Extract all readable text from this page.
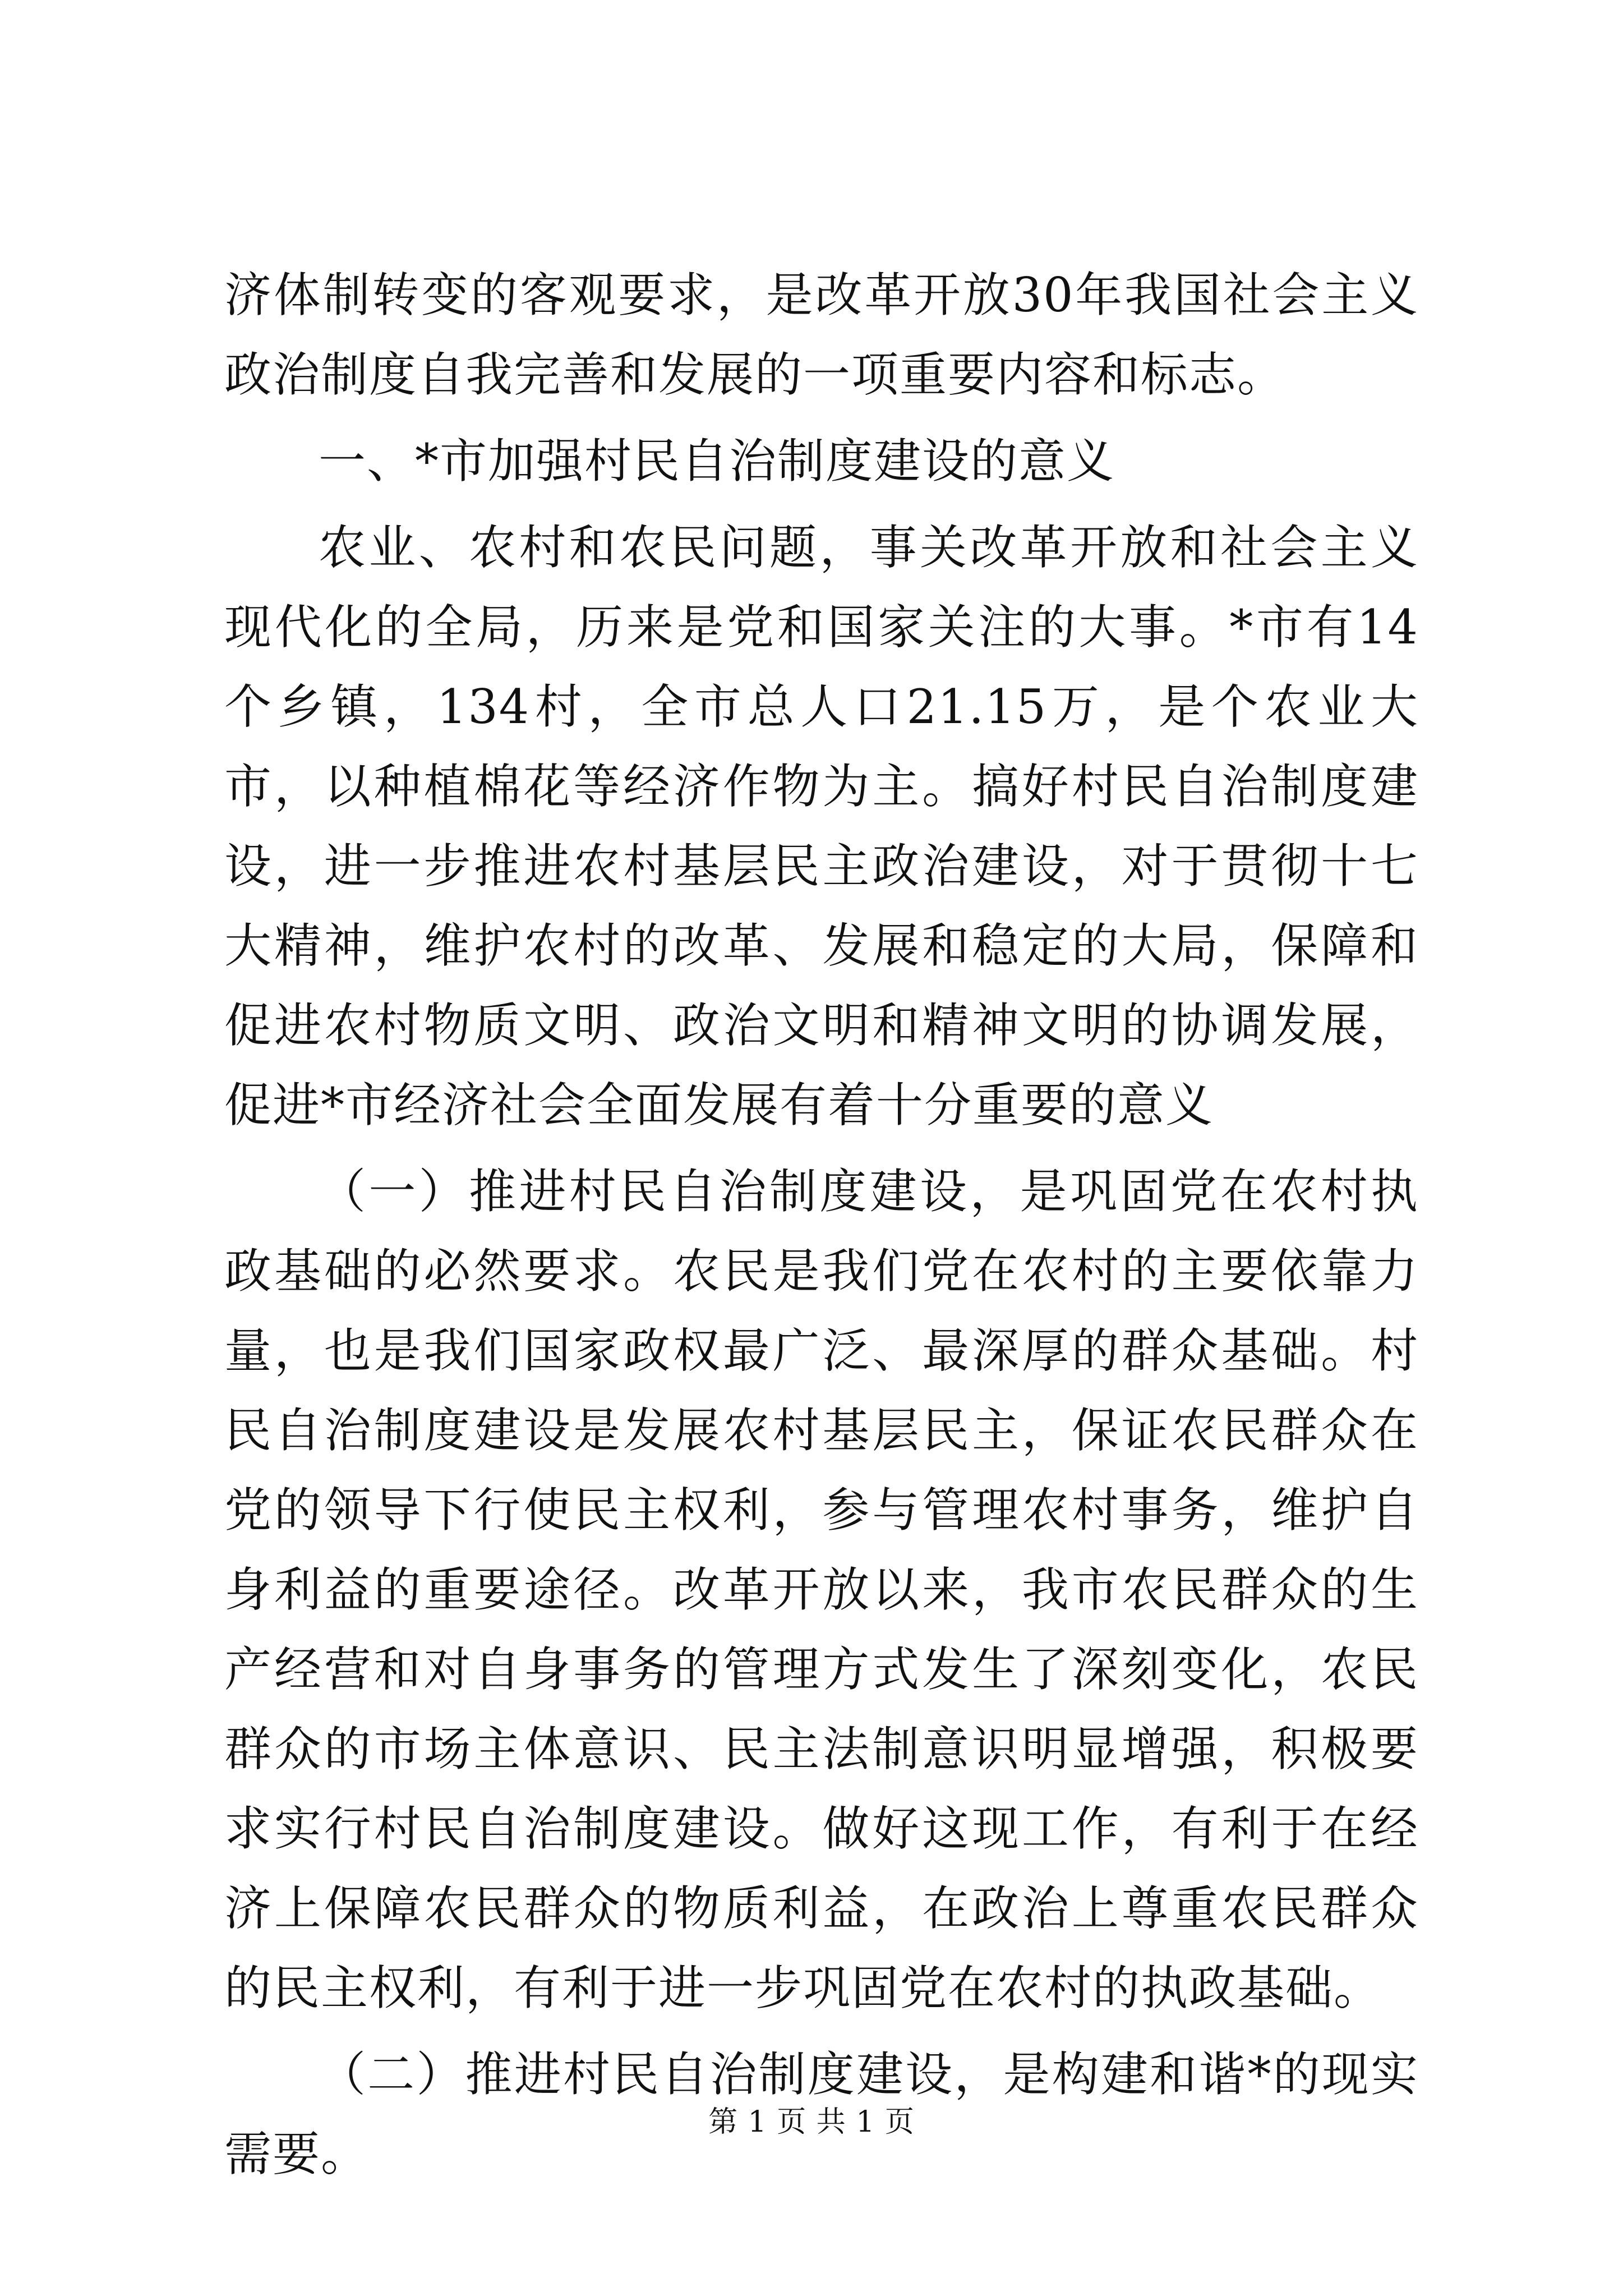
济体制转变的客观要求，是改革开放30年我国社会主义政治制度自我完善和发展的一项重要内容和标志。

一、*市加强村民自治制度建设的意义

农业、农村和农民问题，事关改革开放和社会主义现代化的全局，历来是党和国家关注的大事。*市有14个乡镇，134村，全市总人口21.15万，是个农业大市，以种植棉花等经济作物为主。搞好村民自治制度建设，进一步推进农村基层民主政治建设，对于贯彻十七大精神，维护农村的改革、发展和稳定的大局，保障和促进农村物质文明、政治文明和精神文明的协调发展，促进*市经济社会全面发展有着十分重要的意义

（一）推进村民自治制度建设，是巩固党在农村执政基础的必然要求。农民是我们党在农村的主要依靠力量，也是我们国家政权最广泛、最深厚的群众基础。村民自治制度建设是发展农村基层民主，保证农民群众在党的领导下行使民主权利，参与管理农村事务，维护自身利益的重要途径。改革开放以来，我市农民群众的生产经营和对自身事务的管理方式发生了深刻变化，农民群众的市场主体意识、民主法制意识明显增强，积极要求实行村民自治制度建设。做好这现工作，有利于在经济上保障农民群众的物质利益，在政治上尊重农民群众的民主权利，有利于进一步巩固党在农村的执政基础。

（二）推进村民自治制度建设，是构建和谐*的现实需要。

第 1 页 共 1 页
